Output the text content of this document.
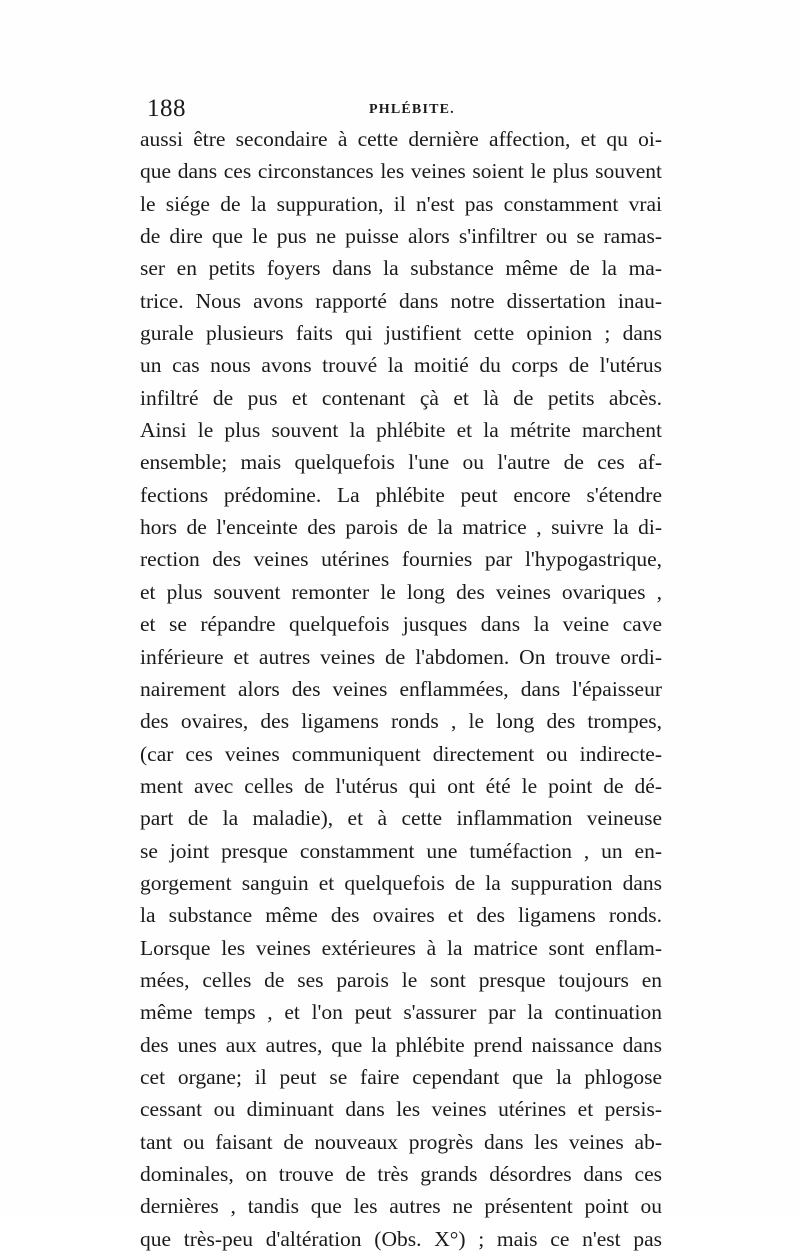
188	PHLÉBITE.
aussi être secondaire à cette dernière affection, et qu oi-
que dans ces circonstances les veines soient le plus souvent
le siége de la suppuration, il n'est pas constamment vrai
de dire que le pus ne puisse alors s'infiltrer ou se ramas-
ser en petits foyers dans la substance même de la ma-
trice. Nous avons rapporté dans notre dissertation inau-
gurale plusieurs faits qui justifient cette opinion ; dans
un cas nous avons trouvé la moitié du corps de l'utérus
infiltré de pus et contenant çà et là de petits abcès.
Ainsi le plus souvent la phlébite et la métrite marchent
ensemble; mais quelquefois l'une ou l'autre de ces af-
fections prédomine. La phlébite peut encore s'étendre
hors de l'enceinte des parois de la matrice , suivre la di-
rection des veines utérines fournies par l'hypogastrique,
et plus souvent remonter le long des veines ovariques ,
et se répandre quelquefois jusques dans la veine cave
inférieure et autres veines de l'abdomen. On trouve ordi-
nairement alors des veines enflammées, dans l'épaisseur
des ovaires, des ligamens ronds , le long des trompes,
(car ces veines communiquent directement ou indirecte-
ment avec celles de l'utérus qui ont été le point de dé-
part de la maladie), et à cette inflammation veineuse
se joint presque constamment une tuméfaction , un en-
gorgement sanguin et quelquefois de la suppuration dans
la substance même des ovaires et des ligamens ronds.
Lorsque les veines extérieures à la matrice sont enflam-
mées, celles de ses parois le sont presque toujours en
même temps , et l'on peut s'assurer par la continuation
des unes aux autres, que la phlébite prend naissance dans
cet organe; il peut se faire cependant que la phlogose
cessant ou diminuant dans les veines utérines et persis-
tant ou faisant de nouveaux progrès dans les veines ab-
dominales, on trouve de très grands désordres dans ces
dernières , tandis que les autres ne présentent point ou
que très-peu d'altération (Obs. X°) ; mais ce n'est pas
